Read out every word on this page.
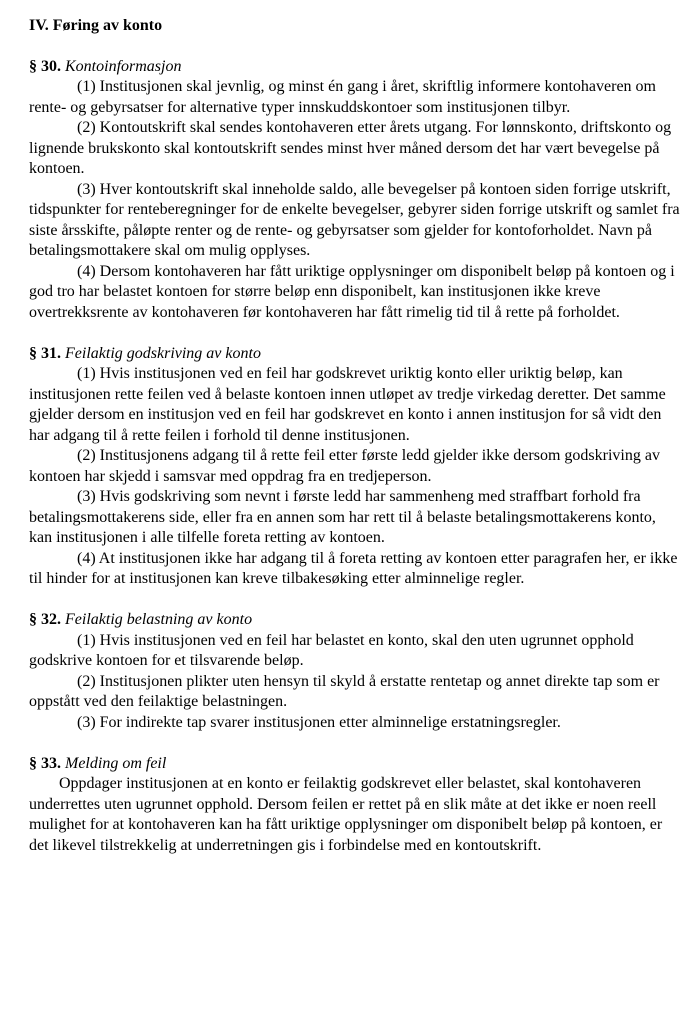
IV. Føring av konto
§ 30. Kontoinformasjon

(1) Institusjonen skal jevnlig, og minst én gang i året, skriftlig informere kontohaveren om rente- og gebyrsatser for alternative typer innskuddskontoer som institusjonen tilbyr.

(2) Kontoutskrift skal sendes kontohaveren etter årets utgang. For lønnskonto, driftskonto og lignende brukskonto skal kontoutskrift sendes minst hver måned dersom det har vært bevegelse på kontoen.

(3) Hver kontoutskrift skal inneholde saldo, alle bevegelser på kontoen siden forrige utskrift, tidspunkter for renteberegninger for de enkelte bevegelser, gebyrer siden forrige utskrift og samlet fra siste årsskifte, påløpte renter og de rente- og gebyrsatser som gjelder for kontoforholdet. Navn på betalingsmottakere skal om mulig opplyses.

(4) Dersom kontohaveren har fått uriktige opplysninger om disponibelt beløp på kontoen og i god tro har belastet kontoen for større beløp enn disponibelt, kan institusjonen ikke kreve overtrekksrente av kontohaveren før kontohaveren har fått rimelig tid til å rette på forholdet.

§ 31. Feilaktig godskriving av konto

(1) Hvis institusjonen ved en feil har godskrevet uriktig konto eller uriktig beløp, kan institusjonen rette feilen ved å belaste kontoen innen utløpet av tredje virkedag deretter. Det samme gjelder dersom en institusjon ved en feil har godskrevet en konto i annen institusjon for så vidt den har adgang til å rette feilen i forhold til denne institusjonen.

(2) Institusjonens adgang til å rette feil etter første ledd gjelder ikke dersom godskriving av kontoen har skjedd i samsvar med oppdrag fra en tredjeperson.

(3) Hvis godskriving som nevnt i første ledd har sammenheng med straffbart forhold fra betalingsmottakerens side, eller fra en annen som har rett til å belaste betalingsmottakerens konto, kan institusjonen i alle tilfelle foreta retting av kontoen.

(4) At institusjonen ikke har adgang til å foreta retting av kontoen etter paragrafen her, er ikke til hinder for at institusjonen kan kreve tilbakesøking etter alminnelige regler.

§ 32. Feilaktig belastning av konto

(1) Hvis institusjonen ved en feil har belastet en konto, skal den uten ugrunnet opphold godskrive kontoen for et tilsvarende beløp.

(2) Institusjonen plikter uten hensyn til skyld å erstatte rentetap og annet direkte tap som er oppstått ved den feilaktige belastningen.

(3) For indirekte tap svarer institusjonen etter alminnelige erstatningsregler.

§ 33. Melding om feil

Oppdager institusjonen at en konto er feilaktig godskrevet eller belastet, skal kontohaveren underrettes uten ugrunnet opphold. Dersom feilen er rettet på en slik måte at det ikke er noen reell mulighet for at kontohaveren kan ha fått uriktige opplysninger om disponibelt beløp på kontoen, er det likevel tilstrekkelig at underretningen gis i forbindelse med en kontoutskrift.
